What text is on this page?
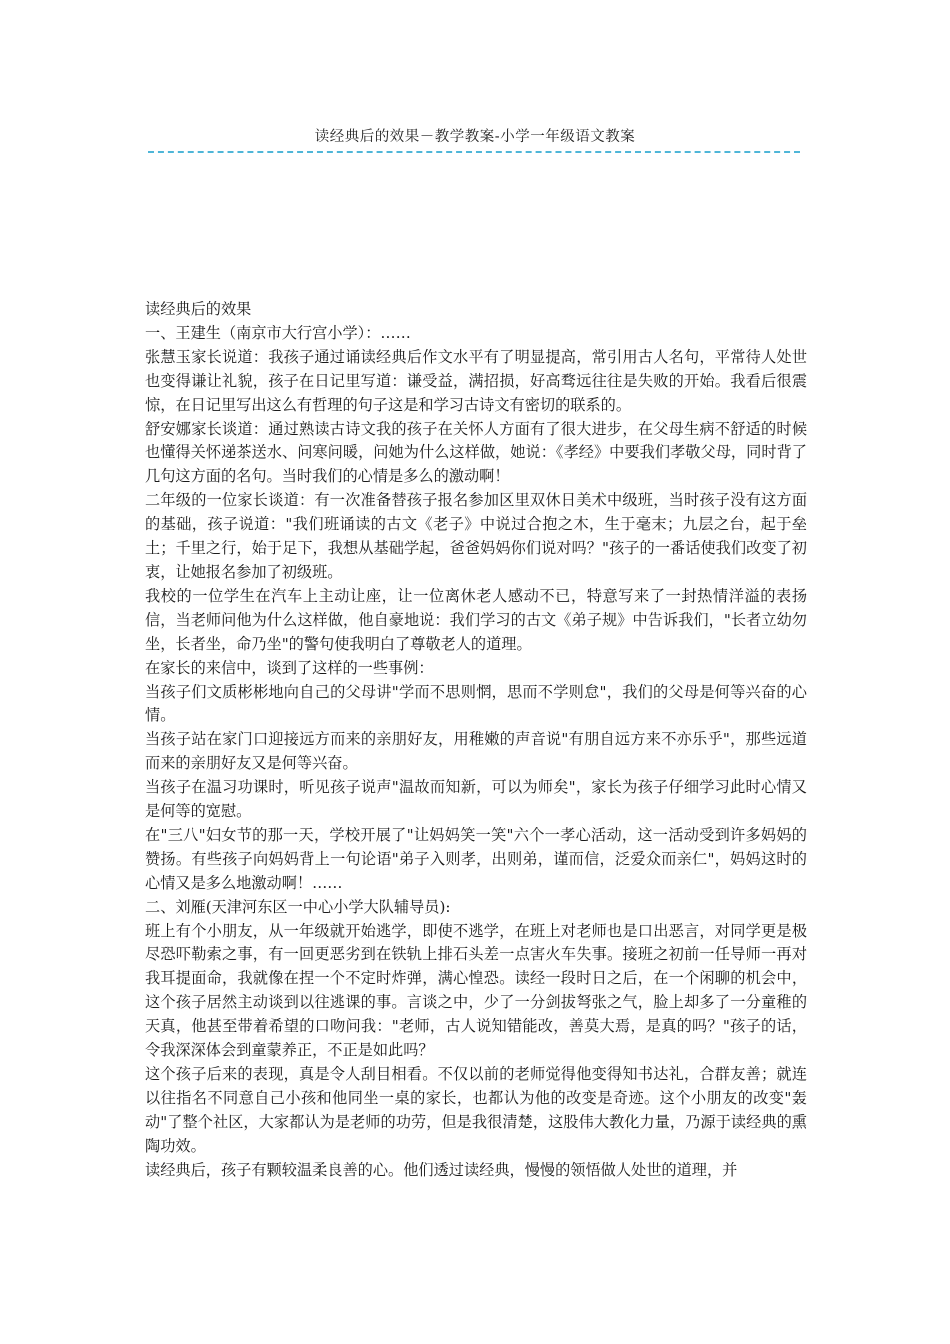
读经典后的效果－教学教案-小学一年级语文教案

读经典后的效果

一、王建生（南京市大行宫小学）：……

张慧玉家长说道：我孩子通过诵读经典后作文水平有了明显提高，常引用古人名句，平常待人处世也变得谦让礼貌，孩子在日记里写道：谦受益，满招损，好高骛远往往是失败的开始。我看后很震惊，在日记里写出这么有哲理的句子这是和学习古诗文有密切的联系的。

舒安娜家长谈道：通过熟读古诗文我的孩子在关怀人方面有了很大进步，在父母生病不舒适的时候也懂得关怀递茶送水、问寒问暖，问她为什么这样做，她说：《孝经》中要我们孝敬父母，同时背了几句这方面的名句。当时我们的心情是多么的激动啊！

二年级的一位家长谈道：有一次准备替孩子报名参加区里双休日美术中级班，当时孩子没有这方面的基础，孩子说道："我们班诵读的古文《老子》中说过合抱之木，生于毫末；九层之台，起于垒土；千里之行，始于足下，我想从基础学起，爸爸妈妈你们说对吗？"孩子的一番话使我们改变了初衷，让她报名参加了初级班。

我校的一位学生在汽车上主动让座，让一位离休老人感动不已，特意写来了一封热情洋溢的表扬信，当老师问他为什么这样做，他自豪地说：我们学习的古文《弟子规》中告诉我们，"长者立幼勿坐，长者坐，命乃坐"的警句使我明白了尊敬老人的道理。

在家长的来信中，谈到了这样的一些事例：

当孩子们文质彬彬地向自己的父母讲"学而不思则惘，思而不学则怠"，我们的父母是何等兴奋的心情。

当孩子站在家门口迎接远方而来的亲朋好友，用稚嫩的声音说"有朋自远方来不亦乐乎"，那些远道而来的亲朋好友又是何等兴奋。

当孩子在温习功课时，听见孩子说声"温故而知新，可以为师矣"，家长为孩子仔细学习此时心情又是何等的宽慰。

在"三八"妇女节的那一天，学校开展了"让妈妈笑一笑"六个一孝心活动，这一活动受到许多妈妈的赞扬。有些孩子向妈妈背上一句论语"弟子入则孝，出则弟，谨而信，泛爱众而亲仁"，妈妈这时的心情又是多么地激动啊！……

二、刘雁(天津河东区一中心小学大队辅导员):

班上有个小朋友，从一年级就开始逃学，即使不逃学，在班上对老师也是口出恶言，对同学更是极尽恐吓勒索之事，有一回更恶劣到在铁轨上排石头差一点害火车失事。接班之初前一任导师一再对我耳提面命，我就像在捏一个不定时炸弹，满心惶恐。读经一段时日之后，在一个闲聊的机会中，这个孩子居然主动谈到以往逃课的事。言谈之中，少了一分剑拔弩张之气，脸上却多了一分童稚的天真，他甚至带着希望的口吻问我："老师，古人说知错能改，善莫大焉，是真的吗？"孩子的话，令我深深体会到童蒙养正，不正是如此吗？

这个孩子后来的表现，真是令人刮目相看。不仅以前的老师觉得他变得知书达礼，合群友善；就连以往指名不同意自己小孩和他同坐一桌的家长，也都认为他的改变是奇迹。这个小朋友的改变"轰动"了整个社区，大家都认为是老师的功劳，但是我很清楚，这股伟大教化力量，乃源于读经典的熏陶功效。

读经典后，孩子有颗较温柔良善的心。他们透过读经典，慢慢的领悟做人处世的道理，并
